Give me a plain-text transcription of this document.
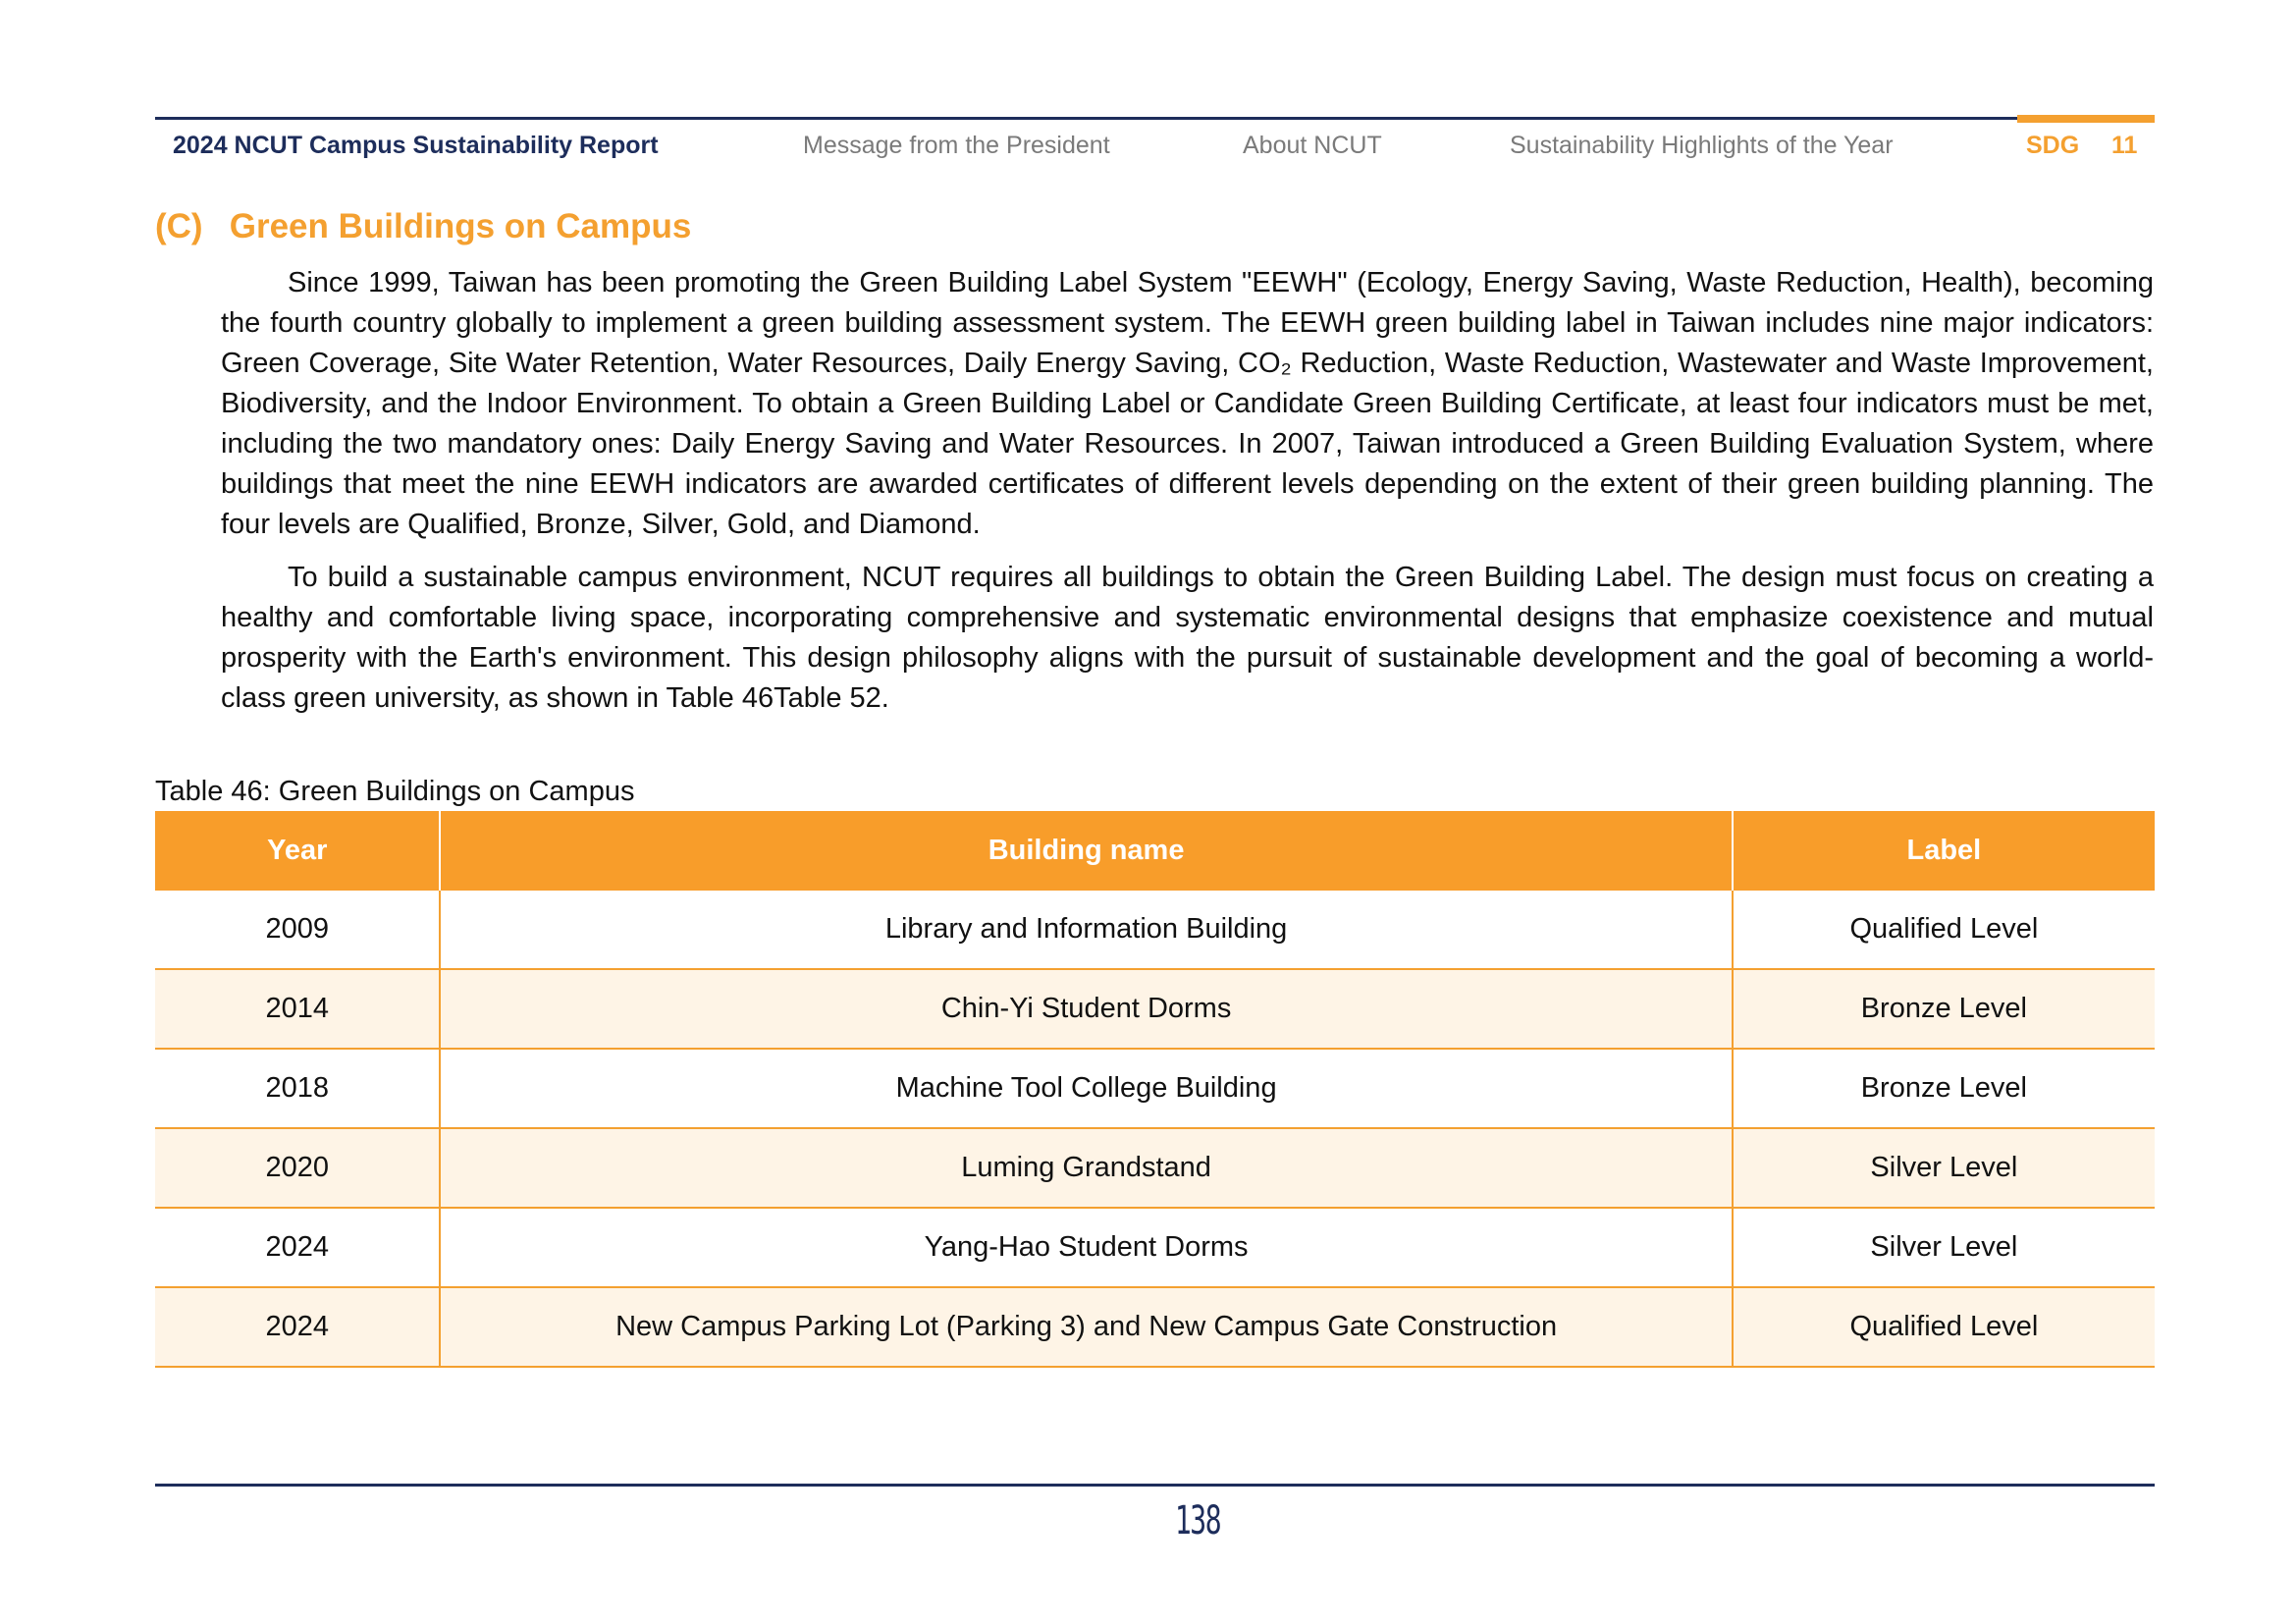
2024 NCUT Campus Sustainability Report	Message from the President	About NCUT	Sustainability Highlights of the Year	SDG 11
(C) Green Buildings on Campus

Since 1999, Taiwan has been promoting the Green Building Label System "EEWH" (Ecology, Energy Saving, Waste Reduction, Health), becoming the fourth country globally to implement a green building assessment system. The EEWH green building label in Taiwan includes nine major indicators: Green Coverage, Site Water Retention, Water Resources, Daily Energy Saving, CO₂ Reduction, Waste Reduction, Wastewater and Waste Improvement, Biodiversity, and the Indoor Environment. To obtain a Green Building Label or Candidate Green Building Certificate, at least four indicators must be met, including the two mandatory ones: Daily Energy Saving and Water Resources. In 2007, Taiwan introduced a Green Building Evaluation System, where buildings that meet the nine EEWH indicators are awarded certificates of different levels depending on the extent of their green building planning. The four levels are Qualified, Bronze, Silver, Gold, and Diamond.

To build a sustainable campus environment, NCUT requires all buildings to obtain the Green Building Label. The design must focus on creating a healthy and comfortable living space, incorporating comprehensive and systematic environmental designs that emphasize coexistence and mutual prosperity with the Earth's environment. This design philosophy aligns with the pursuit of sustainable development and the goal of becoming a world-class green university, as shown in Table 46Table 52.

Table 46: Green Buildings on Campus
Year	Building name	Label
2009	Library and Information Building	Qualified Level
2014	Chin-Yi Student Dorms	Bronze Level
2018	Machine Tool College Building	Bronze Level
2020	Luming Grandstand	Silver Level
2024	Yang-Hao Student Dorms	Silver Level
2024	New Campus Parking Lot (Parking 3) and New Campus Gate Construction	Qualified Level
138
